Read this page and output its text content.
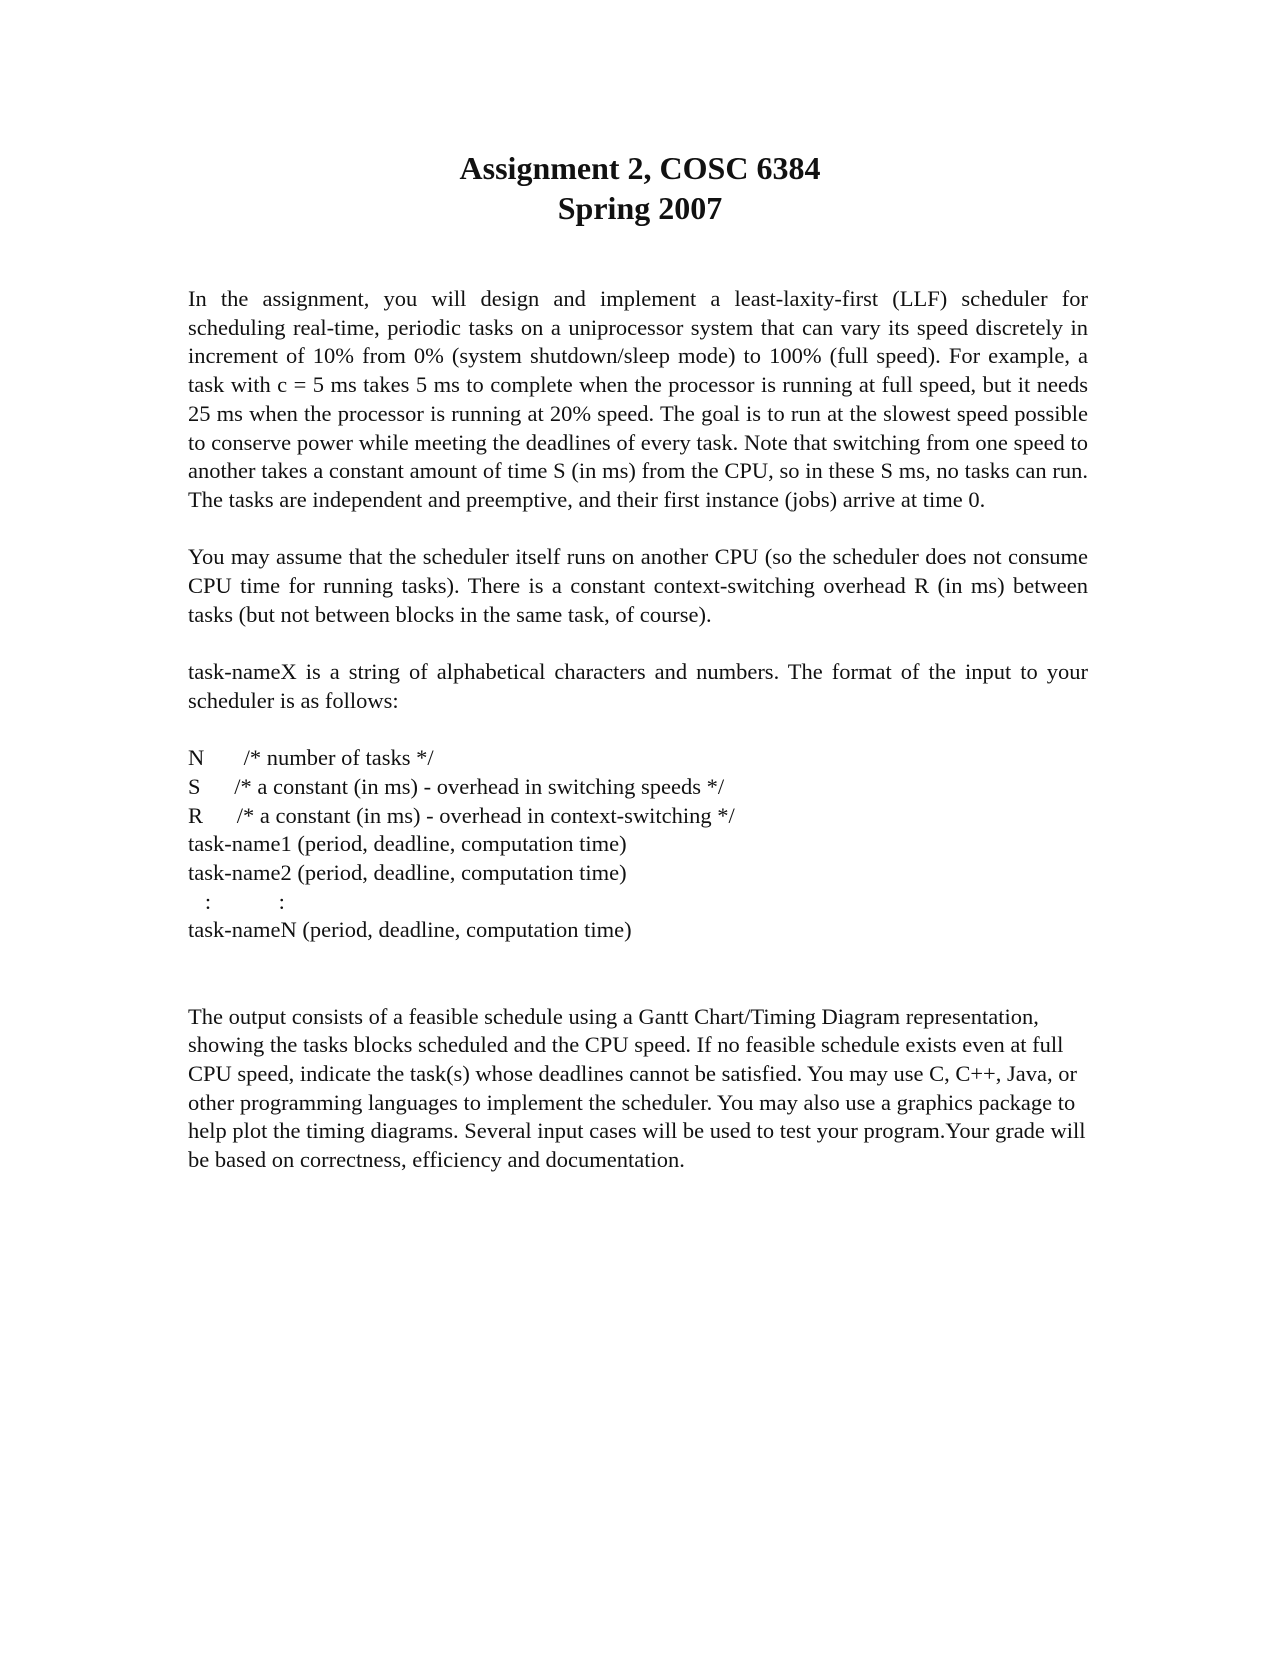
Assignment 2, COSC 6384
Spring 2007

In the assignment, you will design and implement a least-laxity-first (LLF) scheduler for scheduling real-time, periodic tasks on a uniprocessor system that can vary its speed discretely in increment of 10% from 0% (system shutdown/sleep mode) to 100% (full speed). For example, a task with c = 5 ms takes 5 ms to complete when the processor is running at full speed, but it needs 25 ms when the processor is running at 20% speed. The goal is to run at the slowest speed possible to conserve power while meeting the deadlines of every task. Note that switching from one speed to another takes a constant amount of time S (in ms) from the CPU, so in these S ms, no tasks can run. The tasks are independent and preemptive, and their first instance (jobs) arrive at time 0.

You may assume that the scheduler itself runs on another CPU (so the scheduler does not consume CPU time for running tasks). There is a constant context-switching overhead R (in ms) between tasks (but not between blocks in the same task, of course).

task-nameX is a string of alphabetical characters and numbers. The format of the input to your scheduler is as follows:

N       /* number of tasks */
S      /* a constant (in ms) - overhead in switching speeds */
R      /* a constant (in ms) - overhead in context-switching */
task-name1 (period, deadline, computation time)
task-name2 (period, deadline, computation time)
:            :
task-nameN (period, deadline, computation time)

The output consists of a feasible schedule using a Gantt Chart/Timing Diagram representation, showing the tasks blocks scheduled and the CPU speed. If no feasible schedule exists even at full CPU speed, indicate the task(s) whose deadlines cannot be satisfied. You may use C, C++, Java, or other programming languages to implement the scheduler. You may also use a graphics package to help plot the timing diagrams. Several input cases will be used to test your program.Your grade will be based on correctness, efficiency and documentation.
